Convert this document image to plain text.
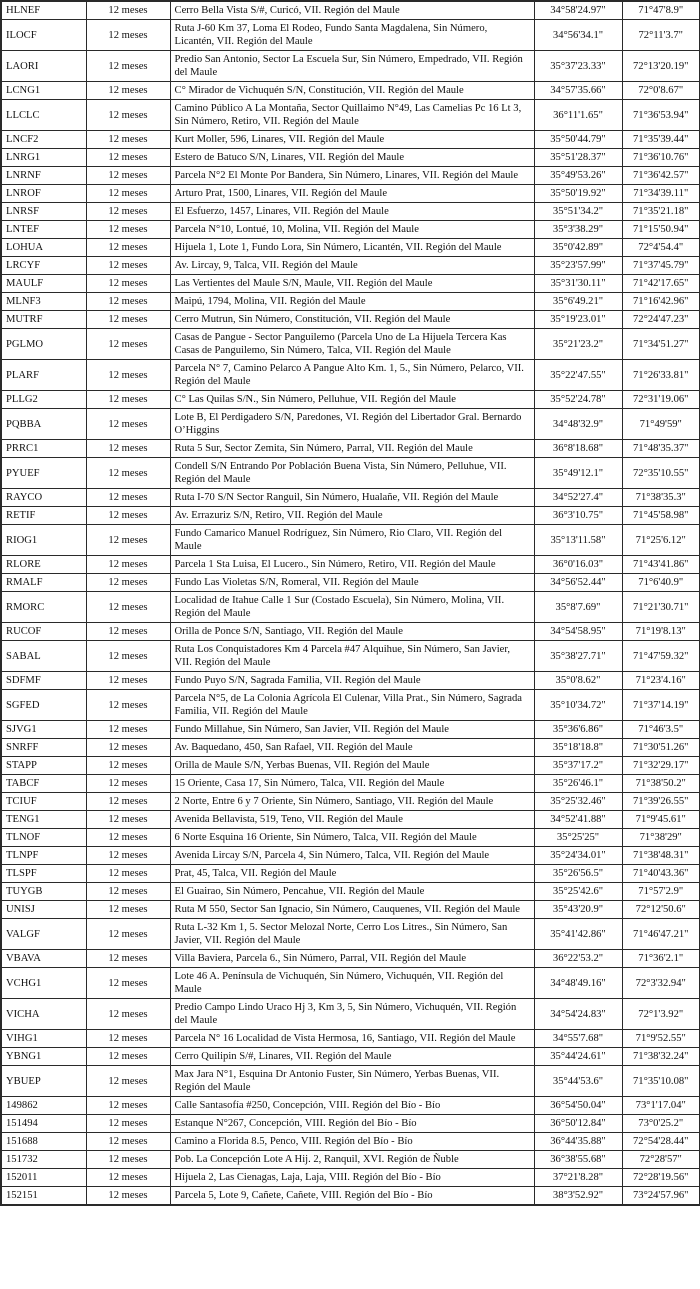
HLNEF	12 meses	Cerro Bella Vista S/#, Curicó, VII. Región del Maule	34°58'24.97"	71°47'8.9"
ILOCF	12 meses	Ruta J-60 Km 37, Loma El Rodeo, Fundo Santa Magdalena, Sin Número, Licantén, VII. Región del Maule	34°56'34.1"	72°11'3.7"
LAORI	12 meses	Predio San Antonio, Sector La Escuela Sur, Sin Número, Empedrado, VII. Región del Maule	35°37'23.33"	72°13'20.19"
LCNG1	12 meses	C° Mirador de Vichuquén S/N, Constitución, VII. Región del Maule	34°57'35.66"	72°0'8.67"
LLCLC	12 meses	Camino Público A La Montaña, Sector Quillaimo N°49, Las Camelias Pc 16 Lt 3, Sin Número, Retiro, VII. Región del Maule	36°11'1.65"	71°36'53.94"
LNCF2	12 meses	Kurt Moller, 596, Linares, VII. Región del Maule	35°50'44.79"	71°35'39.44"
LNRG1	12 meses	Estero de Batuco S/N, Linares, VII. Región del Maule	35°51'28.37"	71°36'10.76"
LNRNF	12 meses	Parcela N°2 El Monte Por Bandera, Sin Número, Linares, VII. Región del Maule	35°49'53.26"	71°36'42.57"
LNROF	12 meses	Arturo Prat, 1500, Linares, VII. Región del Maule	35°50'19.92"	71°34'39.11"
LNRSF	12 meses	El Esfuerzo, 1457, Linares, VII. Región del Maule	35°51'34.2"	71°35'21.18"
LNTEF	12 meses	Parcela N°10, Lontué, 10, Molina, VII. Región del Maule	35°3'38.29"	71°15'50.94"
LOHUA	12 meses	Hijuela 1, Lote 1, Fundo Lora, Sin Número, Licantén, VII. Región del Maule	35°0'42.89"	72°4'54.4"
LRCYF	12 meses	Av. Lircay, 9, Talca, VII. Región del Maule	35°23'57.99"	71°37'45.79"
MAULF	12 meses	Las Vertientes del Maule S/N, Maule, VII. Región del Maule	35°31'30.11"	71°42'17.65"
MLNF3	12 meses	Maipú, 1794, Molina, VII. Región del Maule	35°6'49.21"	71°16'42.96"
MUTRF	12 meses	Cerro Mutrun, Sin Número, Constitución, VII. Región del Maule	35°19'23.01"	72°24'47.23"
PGLMO	12 meses	Casas de Pangue - Sector Panguilemo (Parcela Uno de La Hijuela Tercera Kas Casas de Panguilemo, Sin Número, Talca, VII. Región del Maule	35°21'23.2"	71°34'51.27"
PLARF	12 meses	Parcela N° 7, Camino Pelarco A Pangue Alto Km. 1, 5., Sin Número, Pelarco, VII. Región del Maule	35°22'47.55"	71°26'33.81"
PLLG2	12 meses	C° Las Quilas S/N., Sin Número, Pelluhue, VII. Región del Maule	35°52'24.78"	72°31'19.06"
PQBBA	12 meses	Lote B, El Perdigadero S/N, Paredones, VI. Región del Libertador Gral. Bernardo O’Higgins	34°48'32.9"	71°49'59"
PRRC1	12 meses	Ruta 5 Sur, Sector Zemita, Sin Número, Parral, VII. Región del Maule	36°8'18.68"	71°48'35.37"
PYUEF	12 meses	Condell S/N Entrando Por Población Buena Vista, Sin Número, Pelluhue, VII. Región del Maule	35°49'12.1"	72°35'10.55"
RAYCO	12 meses	Ruta I-70 S/N Sector Ranguil, Sin Número, Hualañe, VII. Región del Maule	34°52'27.4"	71°38'35.3"
RETIF	12 meses	Av. Errazuriz S/N, Retiro, VII. Región del Maule	36°3'10.75"	71°45'58.98"
RIOG1	12 meses	Fundo Camarico Manuel Rodríguez, Sin Número, Rio Claro, VII. Región del Maule	35°13'11.58"	71°25'6.12"
RLORE	12 meses	Parcela 1 Sta Luisa, El Lucero., Sin Número, Retiro, VII. Región del Maule	36°0'16.03"	71°43'41.86"
RMALF	12 meses	Fundo Las Violetas S/N, Romeral, VII. Región del Maule	34°56'52.44"	71°6'40.9"
RMORC	12 meses	Localidad de Itahue Calle 1 Sur (Costado Escuela), Sin Número, Molina, VII. Región del Maule	35°8'7.69"	71°21'30.71"
RUCOF	12 meses	Orilla de Ponce S/N, Santiago, VII. Región del Maule	34°54'58.95"	71°19'8.13"
SABAL	12 meses	Ruta Los Conquistadores Km 4 Parcela #47 Alquihue, Sin Número, San Javier, VII. Región del Maule	35°38'27.71"	71°47'59.32"
SDFMF	12 meses	Fundo Puyo S/N, Sagrada Familia, VII. Región del Maule	35°0'8.62"	71°23'4.16"
SGFED	12 meses	Parcela N°5, de La Colonia Agrícola El Culenar, Villa Prat., Sin Número, Sagrada Familia, VII. Región del Maule	35°10'34.72"	71°37'14.19"
SJVG1	12 meses	Fundo Millahue, Sin Número, San Javier, VII. Región del Maule	35°36'6.86"	71°46'3.5"
SNRFF	12 meses	Av. Baquedano, 450, San Rafael, VII. Región del Maule	35°18'18.8"	71°30'51.26"
STAPP	12 meses	Orilla de Maule S/N, Yerbas Buenas, VII. Región del Maule	35°37'17.2"	71°32'29.17"
TABCF	12 meses	15 Oriente, Casa 17, Sin Número, Talca, VII. Región del Maule	35°26'46.1"	71°38'50.2"
TCIUF	12 meses	2 Norte, Entre 6 y 7 Oriente, Sin Número, Santiago, VII. Región del Maule	35°25'32.46"	71°39'26.55"
TENG1	12 meses	Avenida Bellavista, 519, Teno, VII. Región del Maule	34°52'41.88"	71°9'45.61"
TLNOF	12 meses	6 Norte Esquina 16 Oriente, Sin Número, Talca, VII. Región del Maule	35°25'25"	71°38'29"
TLNPF	12 meses	Avenida Lircay S/N, Parcela 4, Sin Número, Talca, VII. Región del Maule	35°24'34.01"	71°38'48.31"
TLSPF	12 meses	Prat, 45, Talca, VII. Región del Maule	35°26'56.5"	71°40'43.36"
TUYGB	12 meses	El Guairao, Sin Número, Pencahue, VII. Región del Maule	35°25'42.6"	71°57'2.9"
UNISJ	12 meses	Ruta M 550, Sector San Ignacio, Sin Número, Cauquenes, VII. Región del Maule	35°43'20.9"	72°12'50.6"
VALGF	12 meses	Ruta L-32 Km 1, 5. Sector Melozal Norte, Cerro Los Litres., Sin Número, San Javier, VII. Región del Maule	35°41'42.86"	71°46'47.21"
VBAVA	12 meses	Villa Baviera, Parcela 6., Sin Número, Parral, VII. Región del Maule	36°22'53.2"	71°36'2.1"
VCHG1	12 meses	Lote 46 A. Península de Vichuquén, Sin Número, Vichuquén, VII. Región del Maule	34°48'49.16"	72°3'32.94"
VICHA	12 meses	Predio Campo Lindo Uraco Hj 3, Km 3, 5, Sin Número, Vichuquén, VII. Región del Maule	34°54'24.83"	72°1'3.92"
VIHG1	12 meses	Parcela N° 16 Localidad de Vista Hermosa, 16, Santiago, VII. Región del Maule	34°55'7.68"	71°9'52.55"
YBNG1	12 meses	Cerro Quilipin S/#, Linares, VII. Región del Maule	35°44'24.61"	71°38'32.24"
YBUEP	12 meses	Max Jara N°1, Esquina Dr Antonio Fuster, Sin Número, Yerbas Buenas, VII. Región del Maule	35°44'53.6"	71°35'10.08"
149862	12 meses	Calle Santasofía #250, Concepción, VIII. Región del Bío - Bío	36°54'50.04"	73°1'17.04"
151494	12 meses	Estanque N°267, Concepción, VIII. Región del Bío - Bío	36°50'12.84"	73°0'25.2"
151688	12 meses	Camino a Florida 8.5, Penco, VIII. Región del Bío - Bío	36°44'35.88"	72°54'28.44"
151732	12 meses	Pob. La Concepción Lote A Hij. 2, Ranquil, XVI. Región de Ñuble	36°38'55.68"	72°28'57"
152011	12 meses	Hijuela 2, Las Cienagas, Laja, Laja, VIII. Región del Bío - Bío	37°21'8.28"	72°28'19.56"
152151	12 meses	Parcela 5, Lote 9, Cañete, Cañete, VIII. Región del Bío - Bío	38°3'52.92"	73°24'57.96"
